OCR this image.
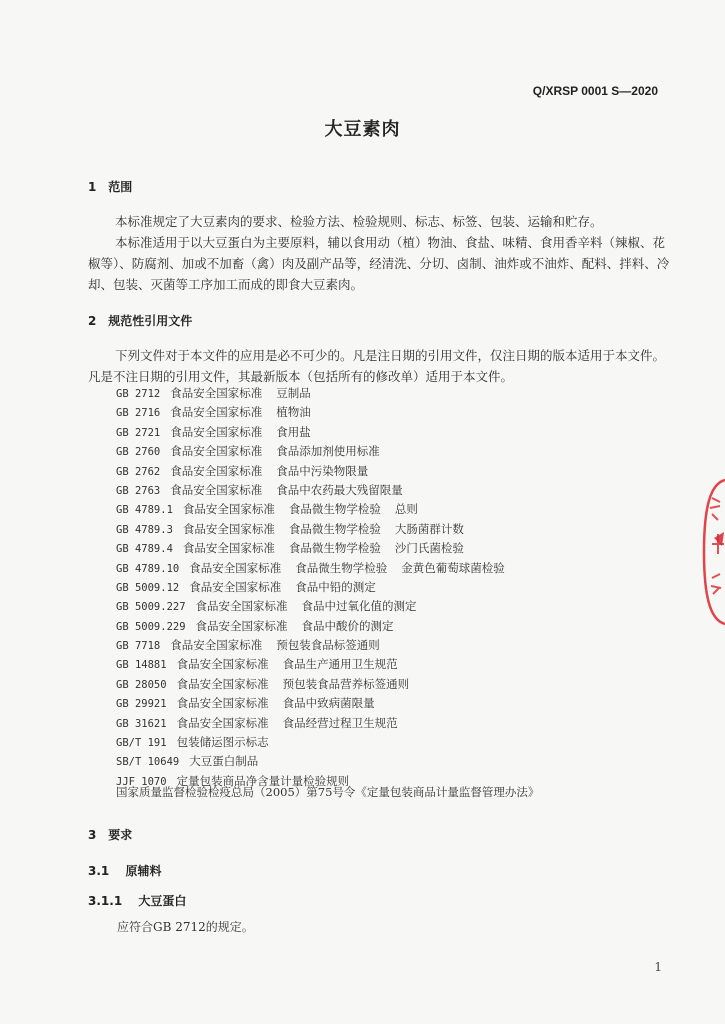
Q/XRSP 0001 S—2020
大豆素肉
1 范围
本标准规定了大豆素肉的要求、检验方法、检验规则、标志、标签、包装、运输和贮存。
本标准适用于以大豆蛋白为主要原料，辅以食用动（植）物油、食盐、味精、食用香辛料（辣椒、花椒等）、防腐剂、加或不加畜（禽）肉及副产品等，经清洗、分切、卤制、油炸或不油炸、配料、拌料、冷却、包装、灭菌等工序加工而成的即食大豆素肉。
2 规范性引用文件
下列文件对于本文件的应用是必不可少的。凡是注日期的引用文件，仅注日期的版本适用于本文件。凡是不注日期的引用文件，其最新版本（包括所有的修改单）适用于本文件。
GB 2712 食品安全国家标准 豆制品
GB 2716 食品安全国家标准 植物油
GB 2721 食品安全国家标准 食用盐
GB 2760 食品安全国家标准 食品添加剂使用标准
GB 2762 食品安全国家标准 食品中污染物限量
GB 2763 食品安全国家标准 食品中农药最大残留限量
GB 4789.1 食品安全国家标准 食品微生物学检验 总则
GB 4789.3 食品安全国家标准 食品微生物学检验 大肠菌群计数
GB 4789.4 食品安全国家标准 食品微生物学检验 沙门氏菌检验
GB 4789.10 食品安全国家标准 食品微生物学检验 金黄色葡萄球菌检验
GB 5009.12 食品安全国家标准 食品中铅的测定
GB 5009.227 食品安全国家标准 食品中过氧化值的测定
GB 5009.229 食品安全国家标准 食品中酸价的测定
GB 7718 食品安全国家标准 预包装食品标签通则
GB 14881 食品安全国家标准 食品生产通用卫生规范
GB 28050 食品安全国家标准 预包装食品营养标签通则
GB 29921 食品安全国家标准 食品中致病菌限量
GB 31621 食品安全国家标准 食品经营过程卫生规范
GB/T 191 包装储运图示标志
SB/T 10649 大豆蛋白制品
JJF 1070 定量包装商品净含量计量检验规则
国家质量监督检验检疫总局（2005）第75号令《定量包装商品计量监督管理办法》
3 要求
3.1 原辅料
3.1.1 大豆蛋白
应符合GB 2712的规定。
1
